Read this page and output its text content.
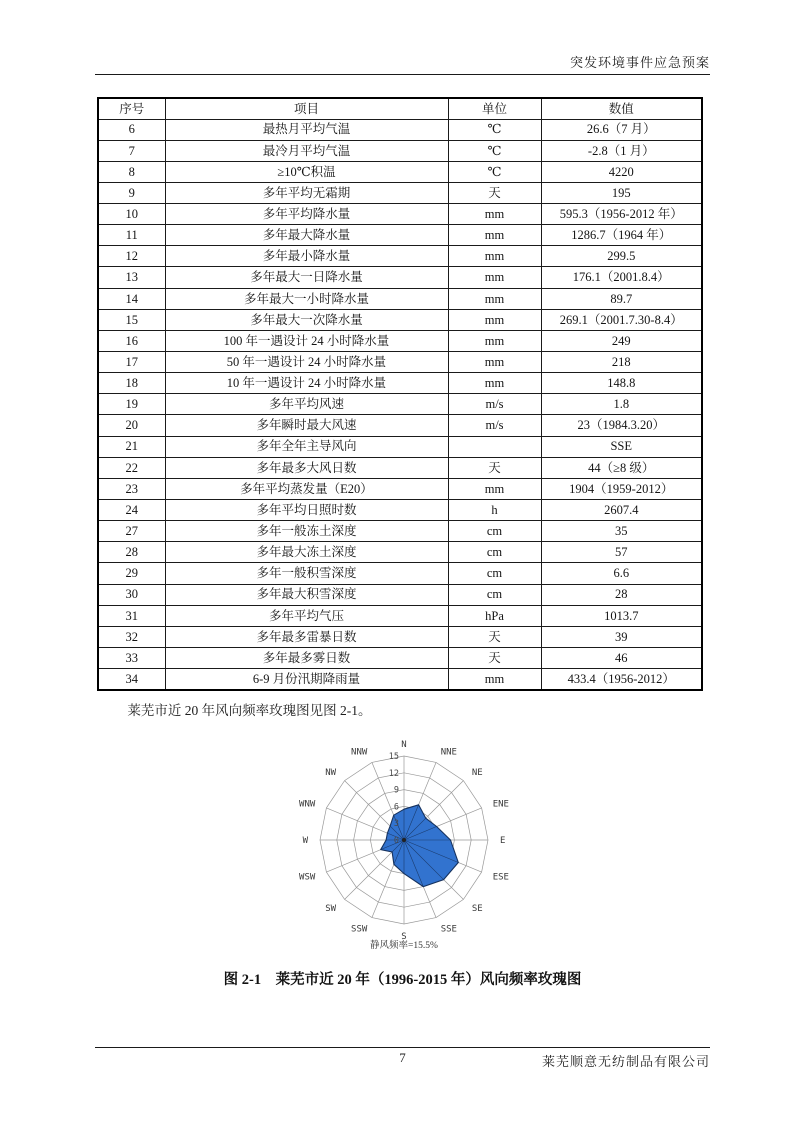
突发环境事件应急预案
序号	项目	单位	数值
6	最热月平均气温	℃	26.6（7 月）
7	最冷月平均气温	℃	-2.8（1 月）
8	≥10℃积温	℃	4220
9	多年平均无霜期	天	195
10	多年平均降水量	mm	595.3（1956-2012 年）
11	多年最大降水量	mm	1286.7（1964 年）
12	多年最小降水量	mm	299.5
13	多年最大一日降水量	mm	176.1（2001.8.4）
14	多年最大一小时降水量	mm	89.7
15	多年最大一次降水量	mm	269.1（2001.7.30-8.4）
16	100 年一遇设计 24 小时降水量	mm	249
17	50 年一遇设计 24 小时降水量	mm	218
18	10 年一遇设计 24 小时降水量	mm	148.8
19	多年平均风速	m/s	1.8
20	多年瞬时最大风速	m/s	23（1984.3.20）
21	多年全年主导风向		SSE
22	多年最多大风日数	天	44（≥8 级）
23	多年平均蒸发量（E20）	mm	1904（1959-2012）
24	多年平均日照时数	h	2607.4
27	多年一般冻土深度	cm	35
28	多年最大冻土深度	cm	57
29	多年一般积雪深度	cm	6.6
30	多年最大积雪深度	cm	28
31	多年平均气压	hPa	1013.7
32	多年最多雷暴日数	天	39
33	多年最多雾日数	天	46
34	6-9 月份汛期降雨量	mm	433.4（1956-2012）
莱芜市近 20 年风向频率玫瑰图见图 2-1。
N
NNE
NE
ENE
E
ESE
SE
SSE
S
SSW
SW
WSW
W
WNW
NW
NNW
0
3
6
9
12
15
静风频率=15.5%
图 2-1　莱芜市近 20 年（1996-2015 年）风向频率玫瑰图
7	莱芜顺意无纺制品有限公司
